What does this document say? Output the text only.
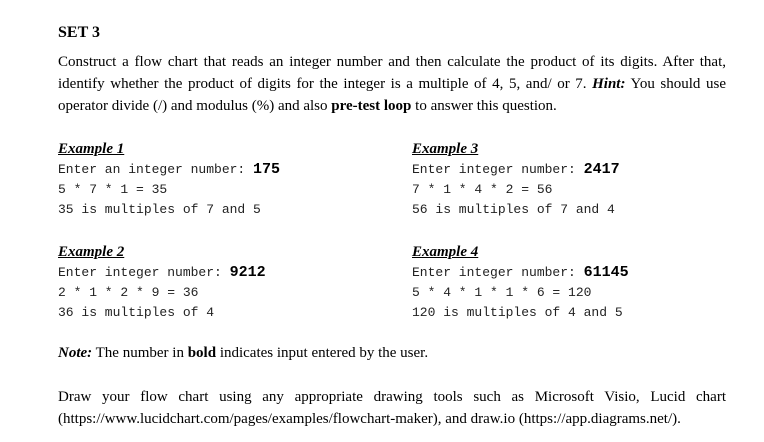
SET 3
Construct a flow chart that reads an integer number and then calculate the product of its digits. After that, identify whether the product of digits for the integer is a multiple of 4, 5, and/ or 7. Hint: You should use operator divide (/) and modulus (%) and also pre-test loop to answer this question.
Example 1
Enter an integer number: 175
5 * 7 * 1 = 35
35 is multiples of 7 and 5
Example 3
Enter integer number: 2417
7 * 1 * 4 * 2 = 56
56 is multiples of 7 and 4
Example 2
Enter integer number: 9212
2 * 1 * 2 * 9 = 36
36 is multiples of 4
Example 4
Enter integer number: 61145
5 * 4 * 1 * 1 * 6 = 120
120 is multiples of 4 and 5
Note: The number in bold indicates input entered by the user.
Draw your flow chart using any appropriate drawing tools such as Microsoft Visio, Lucid chart (https://www.lucidchart.com/pages/examples/flowchart-maker), and draw.io (https://app.diagrams.net/).
